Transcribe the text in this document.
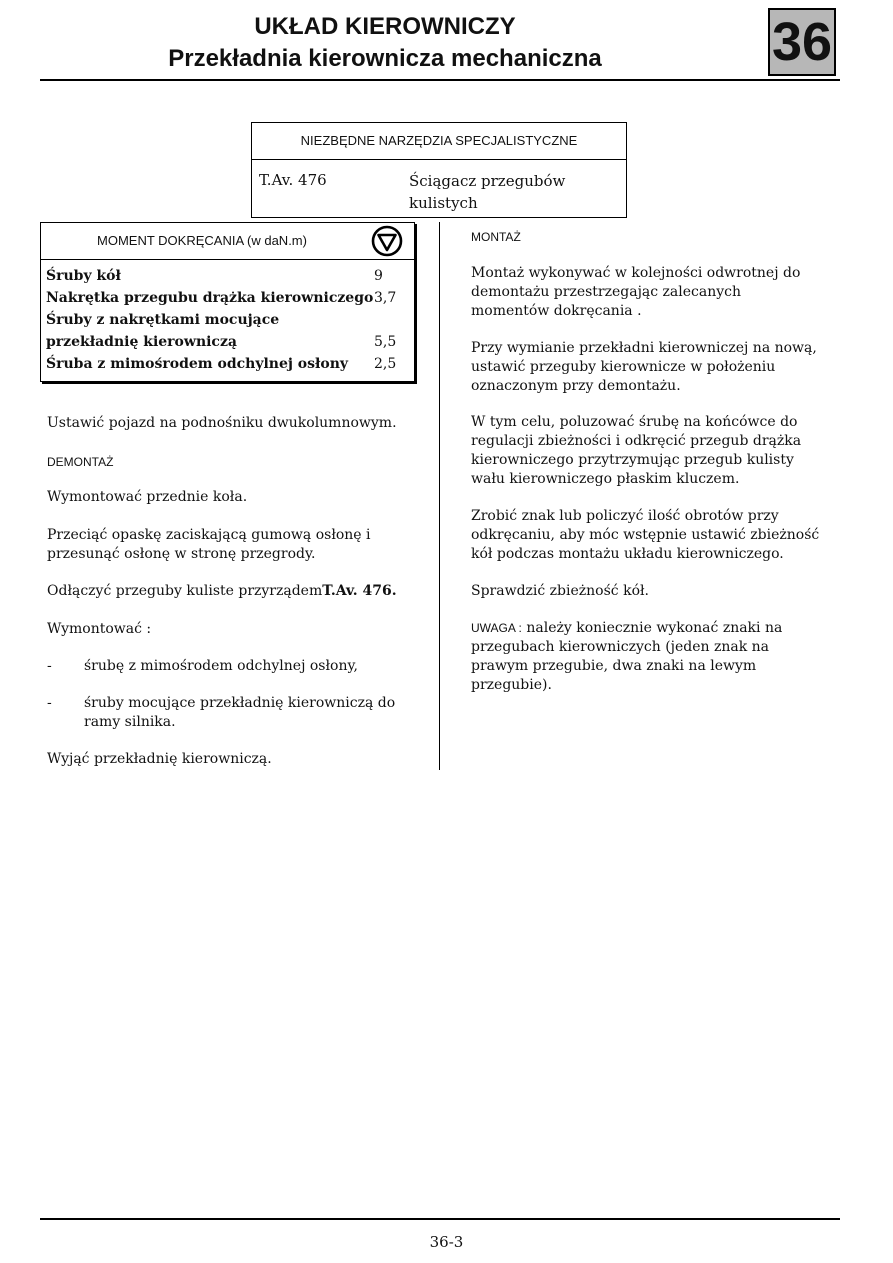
UKŁAD KIEROWNICZY
Przekładnia kierownicza mechaniczna	36
NIEZBĘDNE NARZĘDZIA SPECJALISTYCZNE
T.Av. 476	Ściągacz przegubów kulistych
MOMENT DOKRĘCANIA (w daN.m)
Śruby kół	9
Nakrętka przegubu drążka kierowniczego 3,7
Śruby z nakrętkami mocujące
przekładnię kierowniczą	5,5
Śruba z mimośrodem odchylnej osłony 2,5
Ustawić pojazd na podnośniku dwukolumnowym.
DEMONTAŻ
Wymontować przednie koła.
Przeciąć opaskę zaciskającą gumową osłonę i przesunąć osłonę w stronę przegrody.
Odłączyć przeguby kuliste przyrządemT.Av. 476.
Wymontować :
- śrubę z mimośrodem odchylnej osłony,
- śruby mocujące przekładnię kierowniczą do ramy silnika.
Wyjąć przekładnię kierowniczą.
MONTAŻ
Montaż wykonywać w kolejności odwrotnej do demontażu przestrzegając zalecanych momentów dokręcania .
Przy wymianie przekładni kierowniczej na nową, ustawić przeguby kierownicze w położeniu oznaczonym przy demontażu.
W tym celu, poluzować śrubę na końcówce do regulacji zbieżności i odkręcić przegub drążka kierowniczego przytrzymując przegub kulisty wału kierowniczego płaskim kluczem.
Zrobić znak lub policzyć ilość obrotów przy odkręcaniu, aby móc wstępnie ustawić zbieżność kół podczas montażu układu kierowniczego.
Sprawdzić zbieżność kół.
UWAGA : należy koniecznie wykonać znaki na przegubach kierowniczych (jeden znak na prawym przegubie, dwa znaki na lewym przegubie).
36-3
